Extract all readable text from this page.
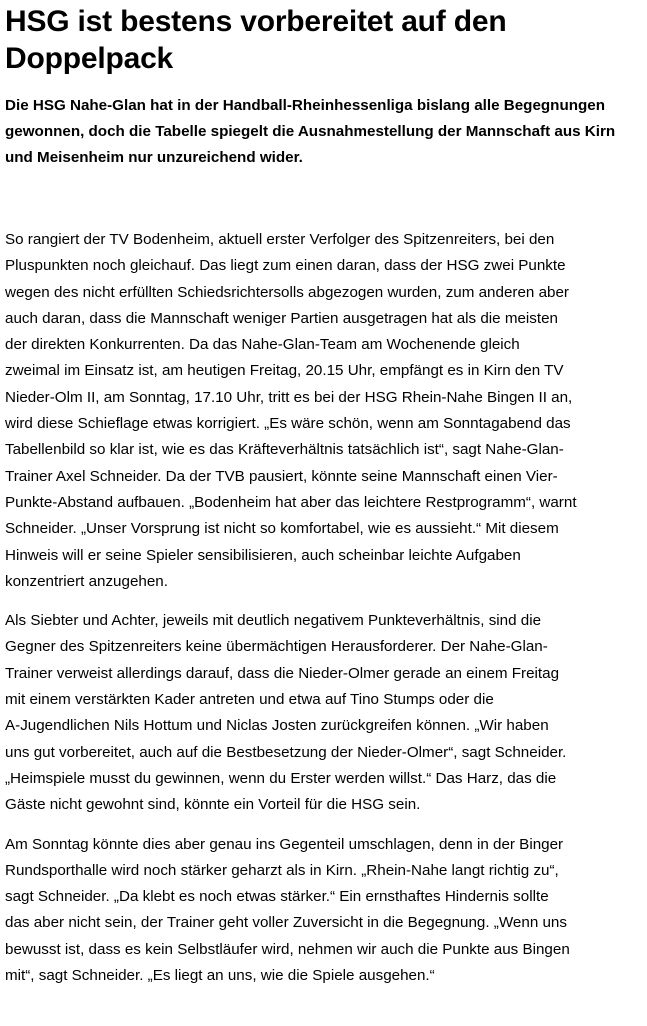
HSG ist bestens vorbereitet auf den Doppelpack

Die HSG Nahe-Glan hat in der Handball-Rheinhessenliga bislang alle Begegnungen gewonnen, doch die Tabelle spiegelt die Ausnahmestellung der Mannschaft aus Kirn und Meisenheim nur unzureichend wider.

So rangiert der TV Bodenheim, aktuell erster Verfolger des Spitzenreiters, bei den
Pluspunkten noch gleichauf. Das liegt zum einen daran, dass der HSG zwei Punkte
wegen des nicht erfüllten Schiedsrichtersolls abgezogen wurden, zum anderen aber
auch daran, dass die Mannschaft weniger Partien ausgetragen hat als die meisten
der direkten Konkurrenten. Da das Nahe-Glan-Team am Wochenende gleich
zweimal im Einsatz ist, am heutigen Freitag, 20.15 Uhr, empfängt es in Kirn den TV
Nieder-Olm II, am Sonntag, 17.10 Uhr, tritt es bei der HSG Rhein-Nahe Bingen II an,
wird diese Schieflage etwas korrigiert. „Es wäre schön, wenn am Sonntagabend das
Tabellenbild so klar ist, wie es das Kräfteverhältnis tatsächlich ist“, sagt Nahe-Glan-
Trainer Axel Schneider. Da der TVB pausiert, könnte seine Mannschaft einen Vier-
Punkte-Abstand aufbauen. „Bodenheim hat aber das leichtere Restprogramm“, warnt
Schneider. „Unser Vorsprung ist nicht so komfortabel, wie es aussieht.“ Mit diesem
Hinweis will er seine Spieler sensibilisieren, auch scheinbar leichte Aufgaben
konzentriert anzugehen.

Als Siebter und Achter, jeweils mit deutlich negativem Punkteverhältnis, sind die
Gegner des Spitzenreiters keine übermächtigen Herausforderer. Der Nahe-Glan-
Trainer verweist allerdings darauf, dass die Nieder-Olmer gerade an einem Freitag
mit einem verstärkten Kader antreten und etwa auf Tino Stumps oder die
A-Jugendlichen Nils Hottum und Niclas Josten zurückgreifen können. „Wir haben
uns gut vorbereitet, auch auf die Bestbesetzung der Nieder-Olmer“, sagt Schneider.
„Heimspiele musst du gewinnen, wenn du Erster werden willst.“ Das Harz, das die
Gäste nicht gewohnt sind, könnte ein Vorteil für die HSG sein.

Am Sonntag könnte dies aber genau ins Gegenteil umschlagen, denn in der Binger
Rundsporthalle wird noch stärker geharzt als in Kirn. „Rhein-Nahe langt richtig zu“,
sagt Schneider. „Da klebt es noch etwas stärker.“ Ein ernsthaftes Hindernis sollte
das aber nicht sein, der Trainer geht voller Zuversicht in die Begegnung. „Wenn uns
bewusst ist, dass es kein Selbstläufer wird, nehmen wir auch die Punkte aus Bingen
mit“, sagt Schneider. „Es liegt an uns, wie die Spiele ausgehen.“
